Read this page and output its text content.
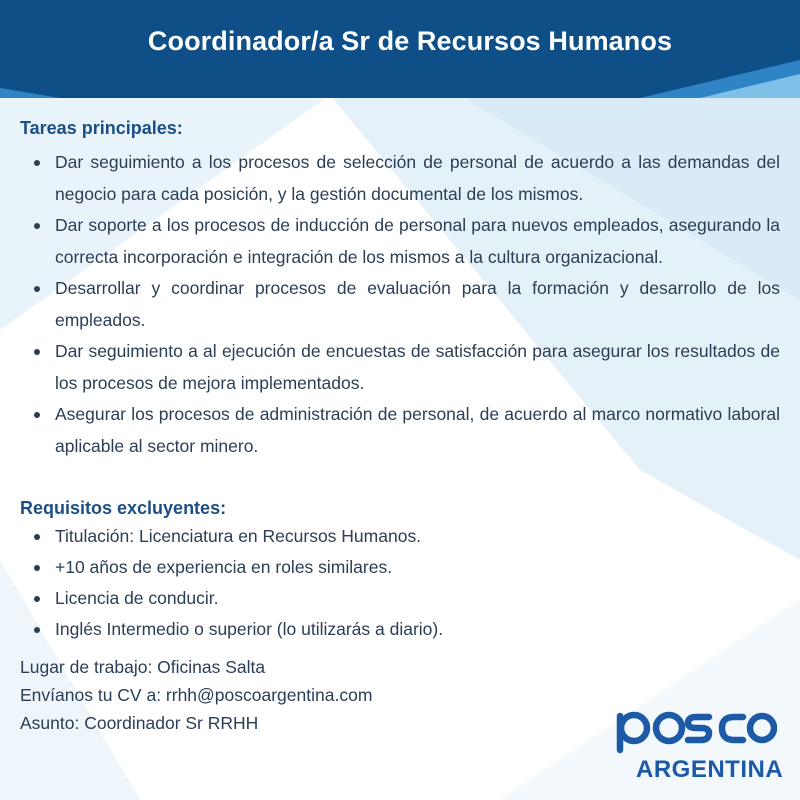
Coordinador/a Sr de Recursos Humanos
Tareas principales:
Dar seguimiento a los procesos de selección de personal de acuerdo a las demandas del negocio para cada posición, y la gestión documental de los mismos.
Dar soporte a los procesos de inducción de personal para nuevos empleados, asegurando la correcta incorporación e integración de los mismos a la cultura organizacional.
Desarrollar y coordinar procesos de evaluación para la formación y desarrollo de los empleados.
Dar seguimiento a al ejecución de encuestas de satisfacción para asegurar los resultados de los procesos de mejora implementados.
Asegurar los procesos de administración de personal, de acuerdo al marco normativo laboral aplicable al sector minero.
Requisitos excluyentes:
Titulación: Licenciatura en Recursos Humanos.
+10 años de experiencia en roles similares.
Licencia de conducir.
Inglés Intermedio o superior (lo utilizarás a diario).
Lugar de trabajo: Oficinas Salta
Envíanos tu CV a: rrhh@poscoargentina.com
Asunto: Coordinador Sr RRHH
ARGENTINA
